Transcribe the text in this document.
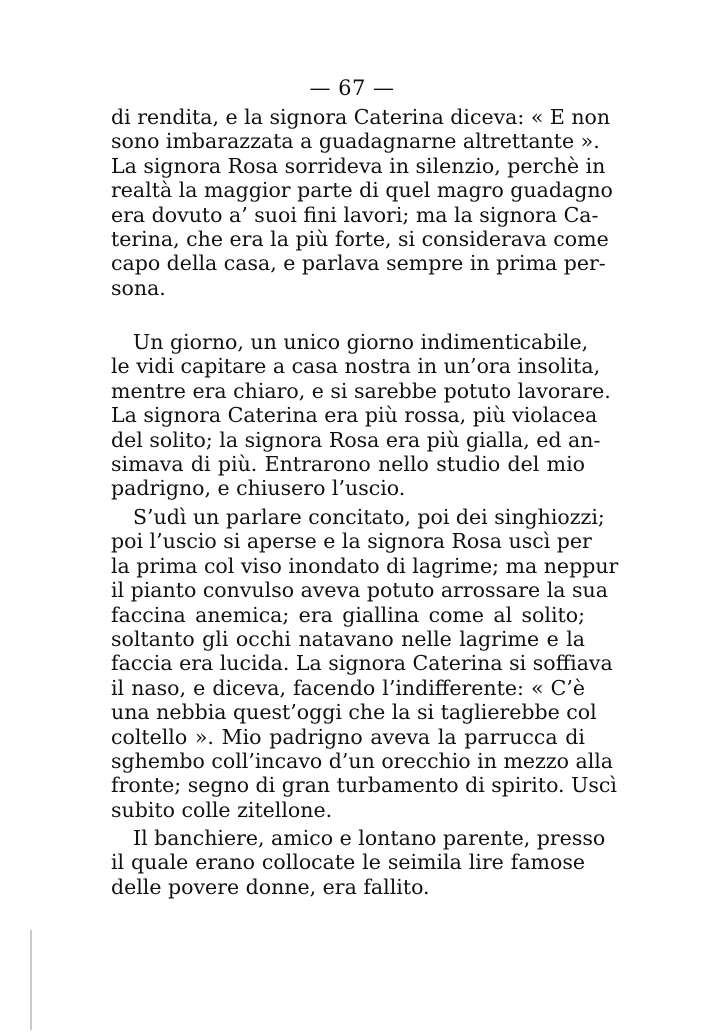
— 67 —
di rendita, e la signora Caterina diceva: « E non
sono imbarazzata a guadagnarne altrettante ».
La signora Rosa sorrideva in silenzio, perchè in
realtà la maggior parte di quel magro guadagno
era dovuto a’ suoi fini lavori; ma la signora Ca-
terina, che era la più forte, si considerava come
capo della casa, e parlava sempre in prima per-
sona.
Un giorno, un unico giorno indimenticabile,
le vidi capitare a casa nostra in un’ora insolita,
mentre era chiaro, e si sarebbe potuto lavorare.
La signora Caterina era più rossa, più violacea
del solito; la signora Rosa era più gialla, ed an-
simava di più. Entrarono nello studio del mio
padrigno, e chiusero l’uscio.
S’udì un parlare concitato, poi dei singhiozzi;
poi l’uscio si aperse e la signora Rosa uscì per
la prima col viso inondato di lagrime; ma neppur
il pianto convulso aveva potuto arrossare la sua
faccina anemica; era giallina come al solito;
soltanto gli occhi natavano nelle lagrime e la
faccia era lucida. La signora Caterina si soffiava
il naso, e diceva, facendo l’indifferente: « C’è
una nebbia quest’oggi che la si taglierebbe col
coltello ». Mio padrigno aveva la parrucca di
sghembo coll’incavo d’un orecchio in mezzo alla
fronte; segno di gran turbamento di spirito. Uscì
subito colle zitellone.
Il banchiere, amico e lontano parente, presso
il quale erano collocate le seimila lire famose
delle povere donne, era fallito.
